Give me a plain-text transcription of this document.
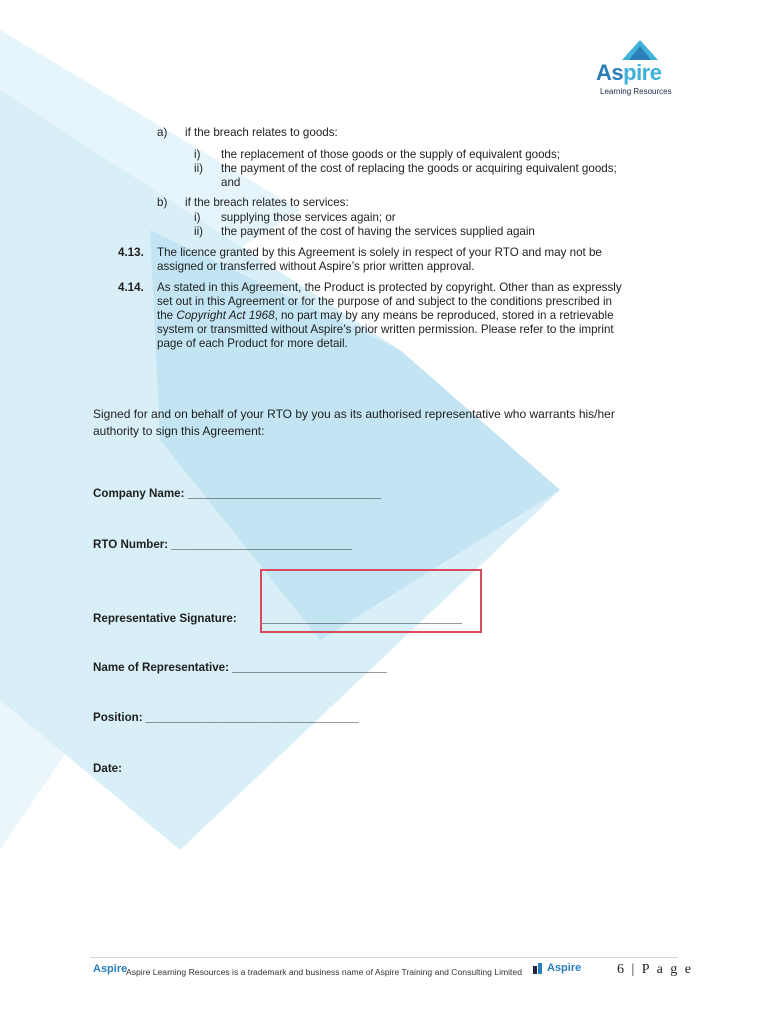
Aspire
Learning Resources
a) if the breach relates to goods:
i) the replacement of those goods or the supply of equivalent goods;
ii) the payment of the cost of replacing the goods or acquiring equivalent goods;
and
b) if the breach relates to services:
i) supplying those services again; or
ii) the payment of the cost of having the services supplied again
4.13. The licence granted by this Agreement is solely in respect of your RTO and may not be
assigned or transferred without Aspire’s prior written approval.
4.14. As stated in this Agreement, the Product is protected by copyright. Other than as expressly
set out in this Agreement or for the purpose of and subject to the conditions prescribed in
the Copyright Act 1968, no part may by any means be reproduced, stored in a retrievable
system or transmitted without Aspire’s prior written permission. Please refer to the imprint
page of each Product for more detail.
Signed for and on behalf of your RTO by you as its authorised representative who warrants his/her
authority to sign this Agreement:
Company Name: ______________________________
RTO Number: ____________________________
Representative Signature: _______________________________
Name of Representative: ________________________
Position: _________________________________
Date:
Aspire
Aspire Learning Resources is a trademark and business name of Aspire Training and Consulting Limited Aspire	6 | P a g e
